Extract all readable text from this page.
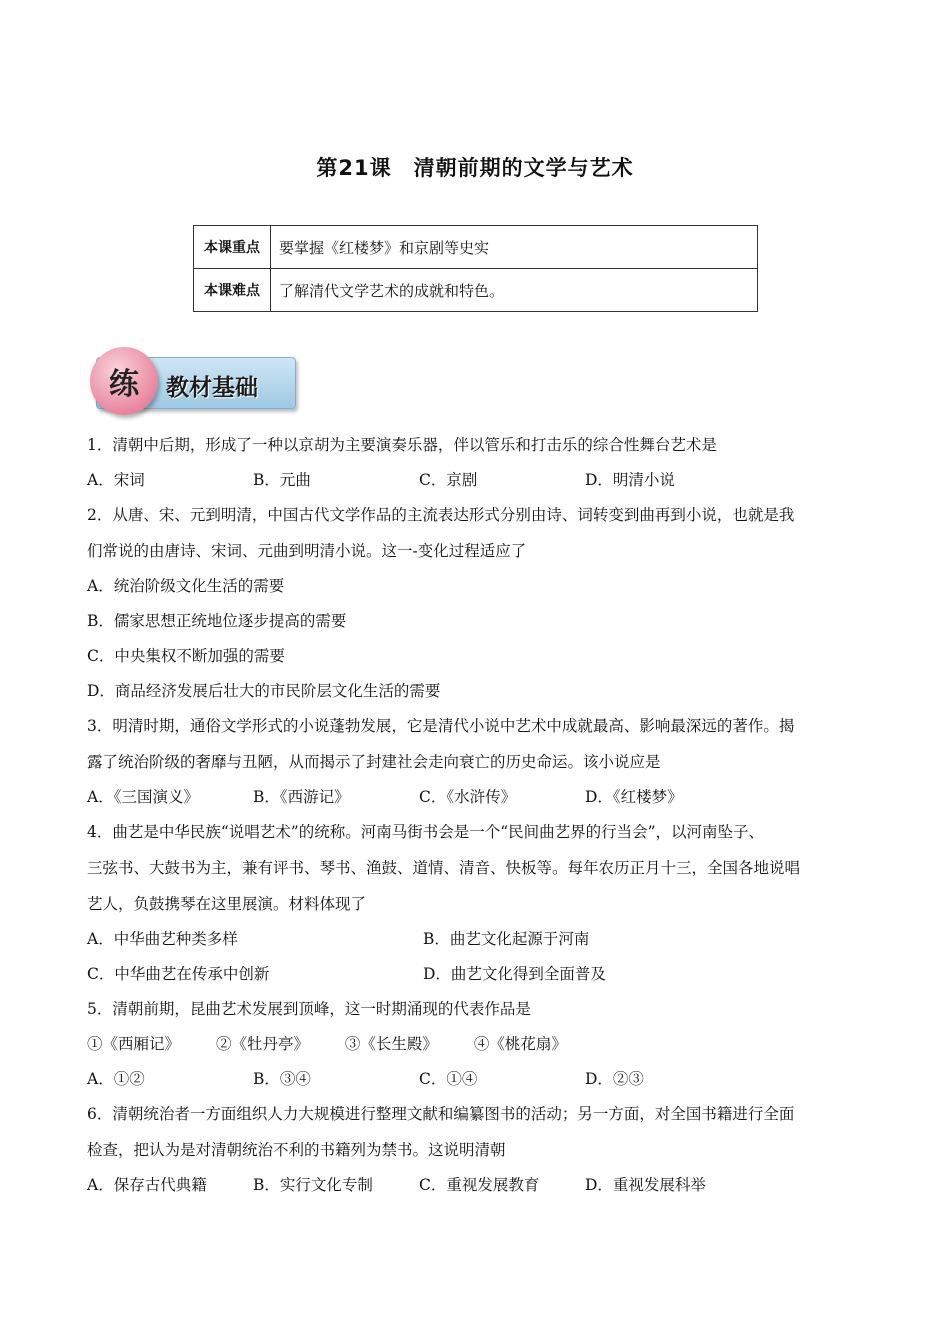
第21课 清朝前期的文学与艺术
本课重点	要掌握《红楼梦》和京剧等史实
本课难点	了解清代文学艺术的成就和特色。
练	教材基础
1．清朝中后期，形成了一种以京胡为主要演奏乐器，伴以管乐和打击乐的综合性舞台艺术是
A．宋词	B．元曲	C．京剧	D．明清小说
2．从唐、宋、元到明清，中国古代文学作品的主流表达形式分别由诗、词转变到曲再到小说，也就是我
们常说的由唐诗、宋词、元曲到明清小说。这一-变化过程适应了
A．统治阶级文化生活的需要
B．儒家思想正统地位逐步提高的需要
C．中央集权不断加强的需要
D．商品经济发展后壮大的市民阶层文化生活的需要
3．明清时期，通俗文学形式的小说蓬勃发展，它是清代小说中艺术中成就最高、影响最深远的著作。揭
露了统治阶级的奢靡与丑陋，从而揭示了封建社会走向衰亡的历史命运。该小说应是
A．《三国演义》	B．《西游记》	C．《水浒传》	D．《红楼梦》
4．曲艺是中华民族“说唱艺术”的统称。河南马街书会是一个“民间曲艺界的行当会”，以河南坠子、
三弦书、大鼓书为主，兼有评书、琴书、渔鼓、道情、清音、快板等。每年农历正月十三，全国各地说唱
艺人，负鼓携琴在这里展演。材料体现了
A．中华曲艺种类多样	B．曲艺文化起源于河南
C．中华曲艺在传承中创新	D．曲艺文化得到全面普及
5．清朝前期，昆曲艺术发展到顶峰，这一时期涌现的代表作品是
①《西厢记》 ②《牡丹亭》 ③《长生殿》 ④《桃花扇》
A．①②	B．③④	C．①④	D．②③
6．清朝统治者一方面组织人力大规模进行整理文献和编纂图书的活动；另一方面，对全国书籍进行全面
检查，把认为是对清朝统治不利的书籍列为禁书。这说明清朝
A．保存古代典籍	B．实行文化专制	C．重视发展教育	D．重视发展科举
